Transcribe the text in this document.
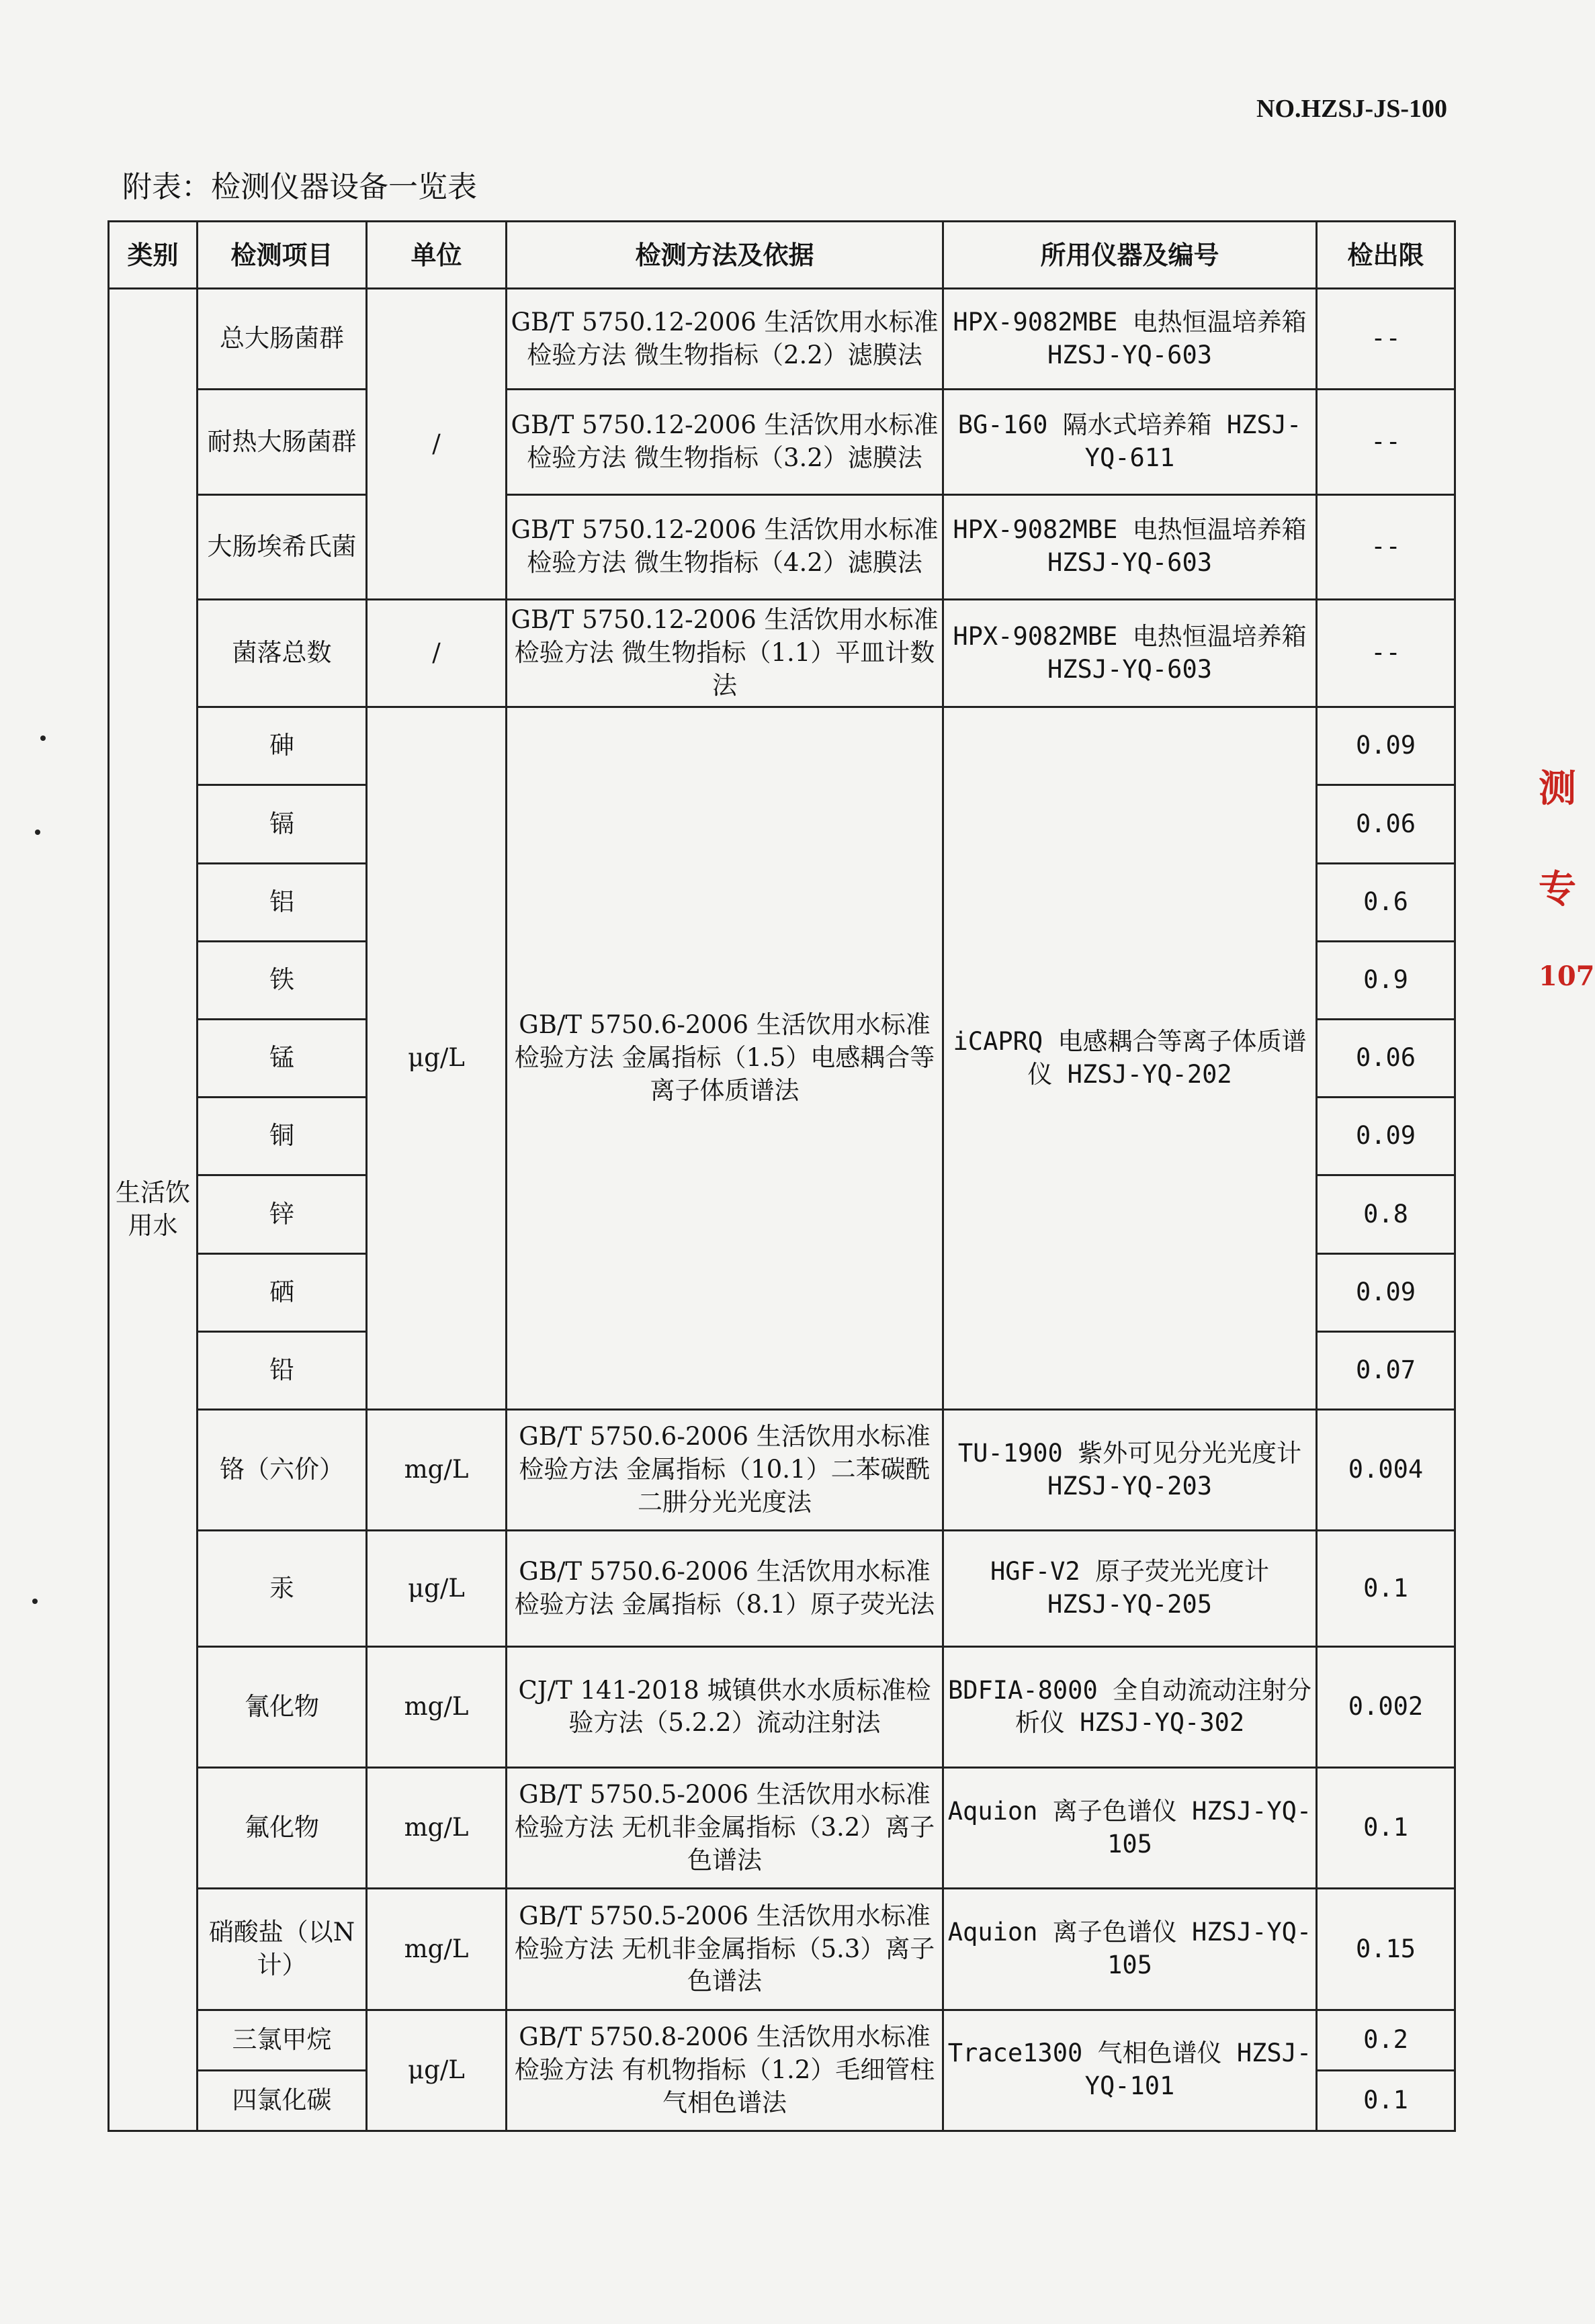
NO.HZSJ-JS-100
附表：检测仪器设备一览表
类别	检测项目	单位	检测方法及依据	所用仪器及编号	检出限
生活饮用水	总大肠菌群	/	GB/T 5750.12-2006 生活饮用水标准检验方法 微生物指标（2.2）滤膜法	HPX-9082MBE 电热恒温培养箱 HZSJ-YQ-603	--
	耐热大肠菌群		GB/T 5750.12-2006 生活饮用水标准检验方法 微生物指标（3.2）滤膜法	BG-160 隔水式培养箱 HZSJ-YQ-611	--
	大肠埃希氏菌		GB/T 5750.12-2006 生活饮用水标准检验方法 微生物指标（4.2）滤膜法	HPX-9082MBE 电热恒温培养箱 HZSJ-YQ-603	--
	菌落总数	/	GB/T 5750.12-2006 生活饮用水标准检验方法 微生物指标（1.1）平皿计数法	HPX-9082MBE 电热恒温培养箱 HZSJ-YQ-603	--
	砷	μg/L	GB/T 5750.6-2006 生活饮用水标准检验方法 金属指标（1.5）电感耦合等离子体质谱法	iCAPRQ 电感耦合等离子体质谱仪 HZSJ-YQ-202	0.09
	镉				0.06
	铝				0.6
	铁				0.9
	锰				0.06
	铜				0.09
	锌				0.8
	硒				0.09
	铅				0.07
	铬（六价）	mg/L	GB/T 5750.6-2006 生活饮用水标准检验方法 金属指标（10.1）二苯碳酰二肼分光光度法	TU-1900 紫外可见分光光度计 HZSJ-YQ-203	0.004
	汞	μg/L	GB/T 5750.6-2006 生活饮用水标准检验方法 金属指标（8.1）原子荧光法	HGF-V2 原子荧光光度计 HZSJ-YQ-205	0.1
	氰化物	mg/L	CJ/T 141-2018 城镇供水水质标准检验方法（5.2.2）流动注射法	BDFIA-8000 全自动流动注射分析仪 HZSJ-YQ-302	0.002
	氟化物	mg/L	GB/T 5750.5-2006 生活饮用水标准检验方法 无机非金属指标（3.2）离子色谱法	Aquion 离子色谱仪 HZSJ-YQ-105	0.1
	硝酸盐（以N计）	mg/L	GB/T 5750.5-2006 生活饮用水标准检验方法 无机非金属指标（5.3）离子色谱法	Aquion 离子色谱仪 HZSJ-YQ-105	0.15
	三氯甲烷	μg/L	GB/T 5750.8-2006 生活饮用水标准检验方法 有机物指标（1.2）毛细管柱气相色谱法	Trace1300 气相色谱仪 HZSJ-YQ-101	0.2
	四氯化碳				0.1
测
专
107
